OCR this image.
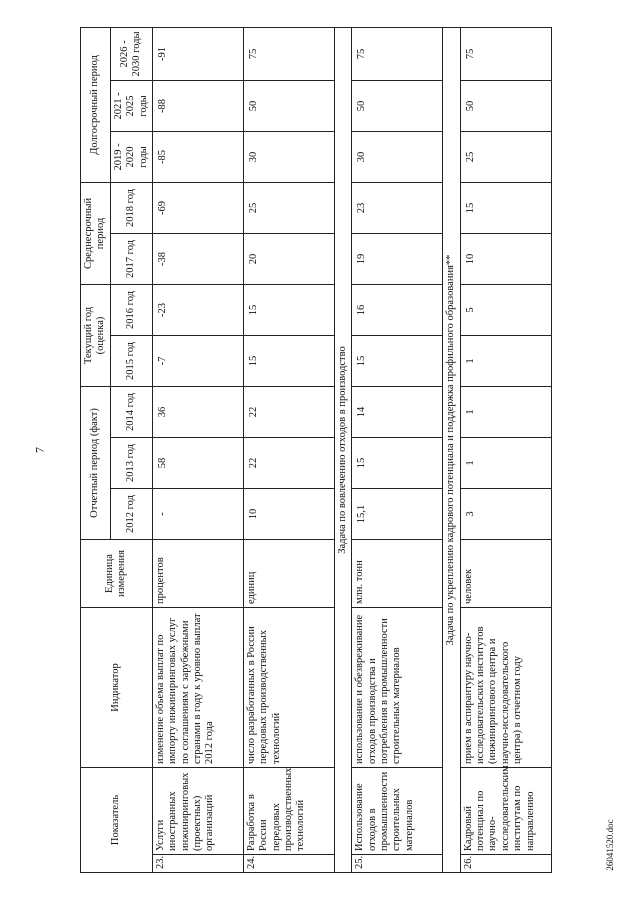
7
26041520.doc
Показатель		Индикатор	Единица измерения	Отчетный период (факт)			Текущий год (оценка)		Среднесрочный период		Долгосрочный период		
				2012 год	2013 год	2014 год	2015 год	2016 год	2017 год	2018 год	2019 - 2020 годы	2021 - 2025 годы	2026 - 2030 годы
23.	Услуги иностранных инжиниринговых (проектных) организаций	изменение объема выплат по импорту инжиниринговых услуг по соглашениям с зарубежными странами в году к уровню выплат 2012 года	процентов	-	58	36	-7	-23	-38	-69	-85	-88	-91
24.	Разработка в России передовых производственных технологий	число разработанных в России передовых производственных технологий	единиц	10	22	22	15	15	20	25	30	50	75
Задача по вовлечению отходов в производство													
25.	Использование отходов в промышленности строительных материалов	использование и обезвреживание отходов производства и потребления в промышленности строительных материалов	млн. тонн	15,1	15	14	15	16	19	23	30	50	75
Задача по укреплению кадрового потенциала и поддержка профильного образования**													
26.	Кадровый потенциал по научно-исследовательским институтам по направлению	прием в аспирантуру научно-исследовательских институтов (инжинирингового центра и научно-исследовательского центра) в отчетном году	человек	3	1	1	1	5	10	15	25	50	75
